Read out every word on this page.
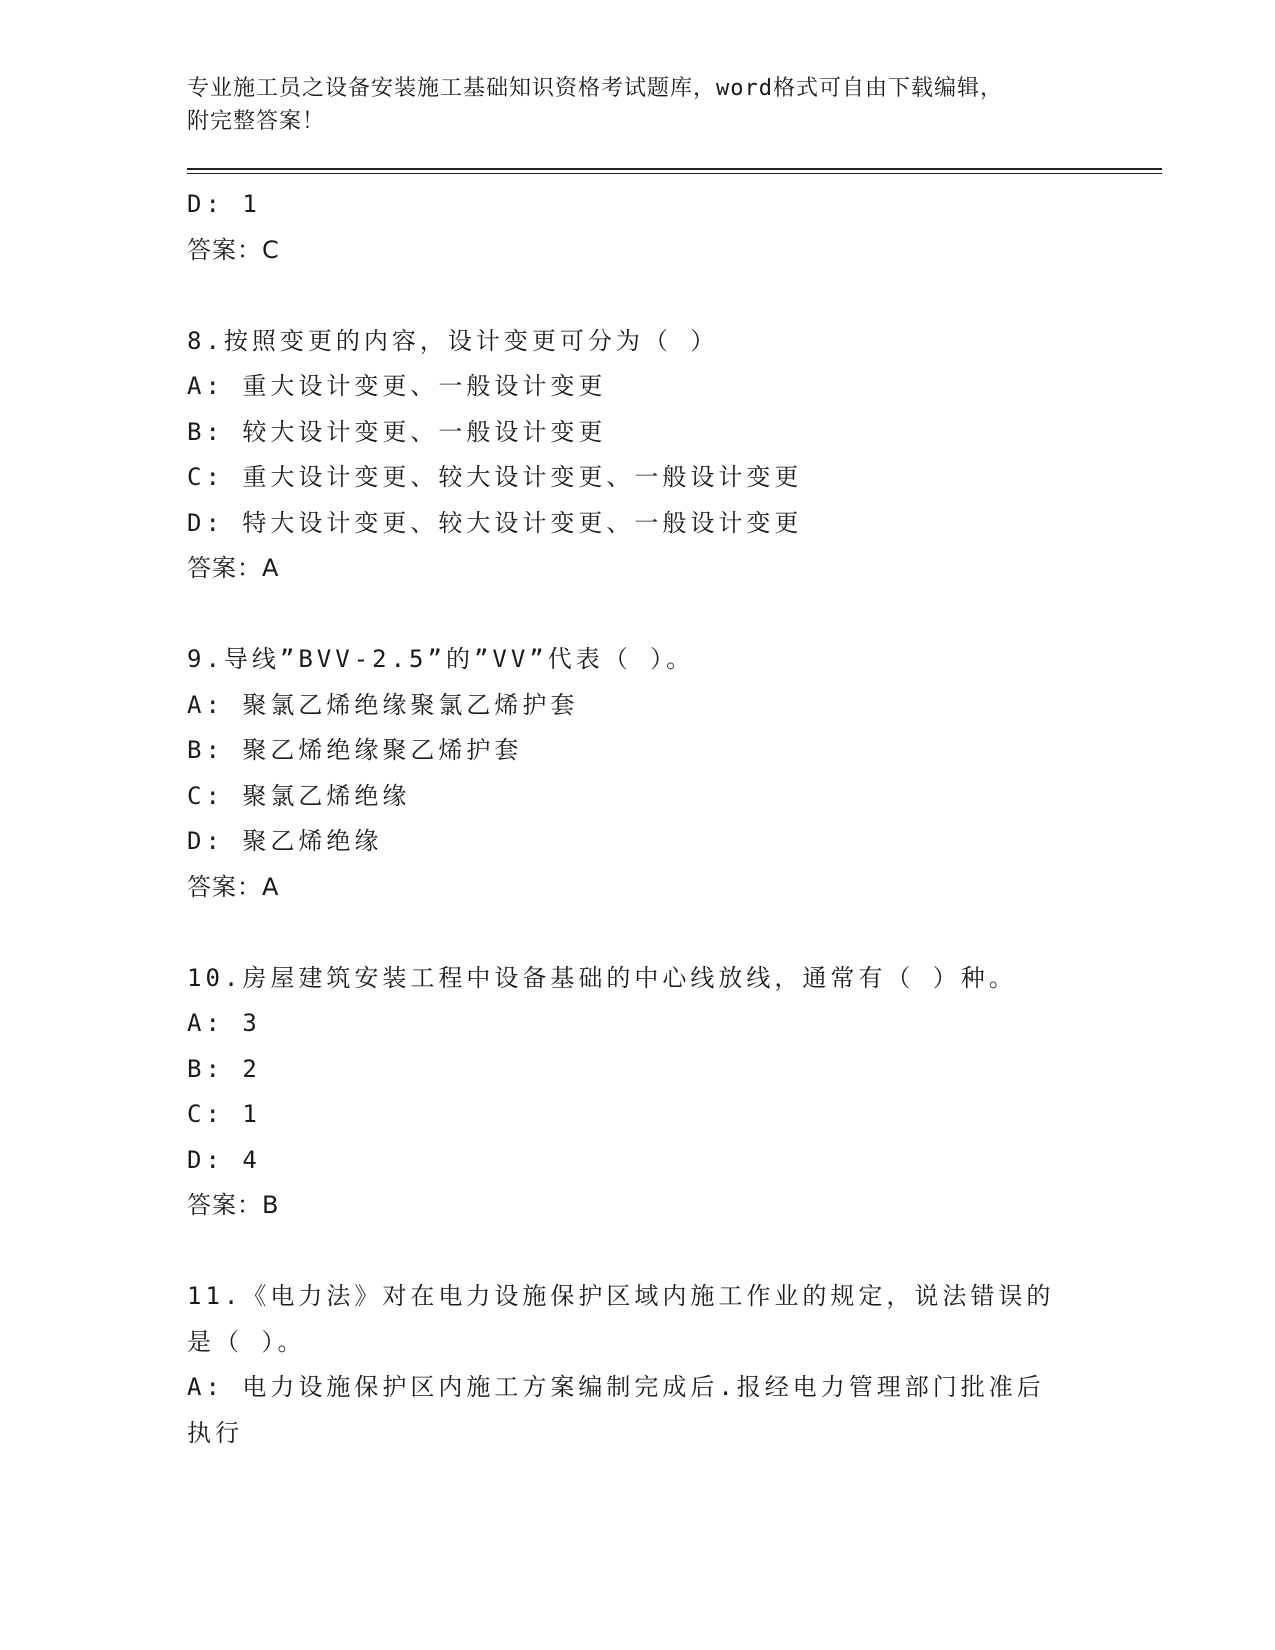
专业施工员之设备安装施工基础知识资格考试题库，word格式可自由下载编辑，

附完整答案！

D: 1

答案：C

8.按照变更的内容，设计变更可分为（ ）

A: 重大设计变更、一般设计变更

B: 较大设计变更、一般设计变更

C: 重大设计变更、较大设计变更、一般设计变更

D: 特大设计变更、较大设计变更、一般设计变更

答案：A

9.导线”BVV-2.5”的”VV”代表（ ）。

A: 聚氯乙烯绝缘聚氯乙烯护套

B: 聚乙烯绝缘聚乙烯护套

C: 聚氯乙烯绝缘

D: 聚乙烯绝缘

答案：A

10.房屋建筑安装工程中设备基础的中心线放线，通常有（ ）种。

A: 3

B: 2

C: 1

D: 4

答案：B

11.《电力法》对在电力设施保护区域内施工作业的规定，说法错误的

是（ ）。

A: 电力设施保护区内施工方案编制完成后.报经电力管理部门批准后

执行
